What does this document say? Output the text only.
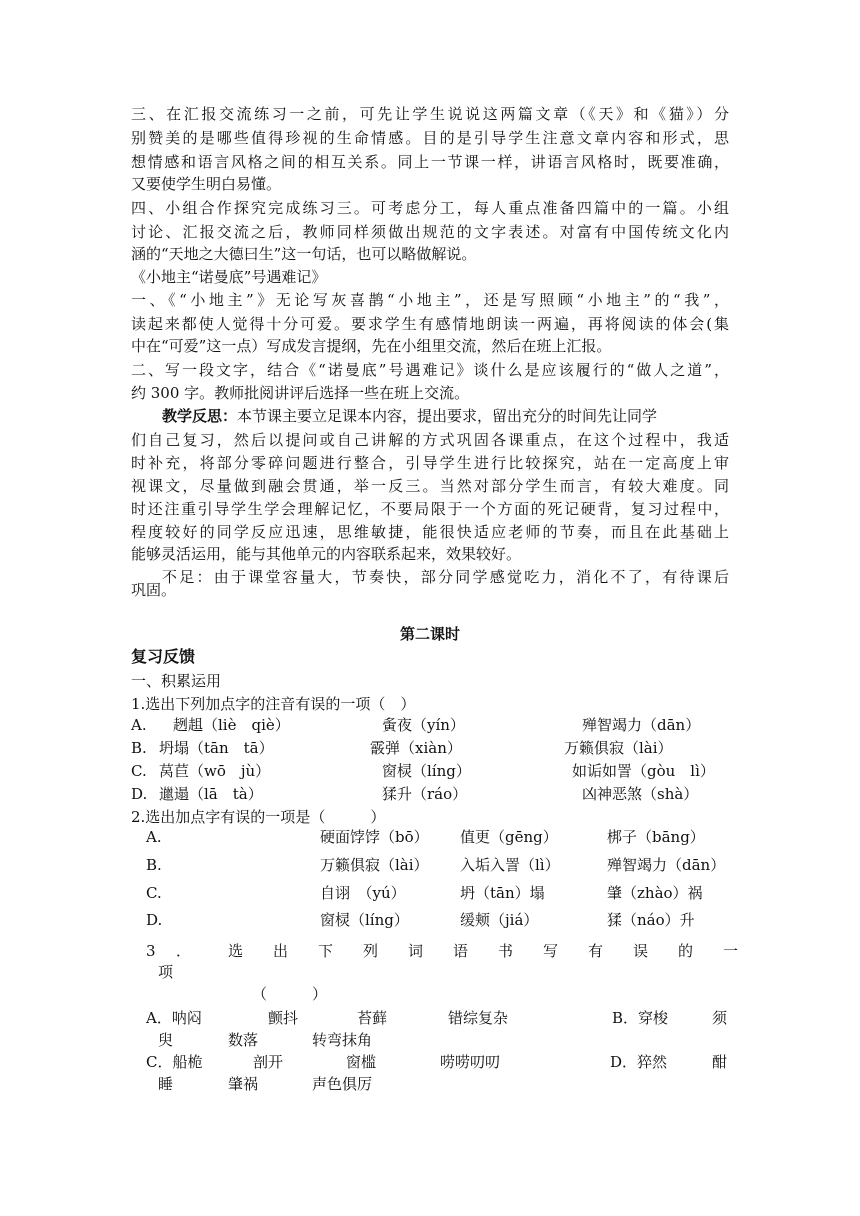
三、在汇报交流练习一之前，可先让学生说说这两篇文章（《天》和《猫》）分
别赞美的是哪些值得珍视的生命情感。目的是引导学生注意文章内容和形式，思
想情感和语言风格之间的相互关系。同上一节课一样，讲语言风格时，既要准确，
又要使学生明白易懂。
四、小组合作探究完成练习三。可考虑分工，每人重点准备四篇中的一篇。小组
讨论、汇报交流之后，教师同样须做出规范的文字表述。对富有中国传统文化内
涵的“天地之大德曰生”这一句话，也可以略做解说。
《小地主“诺曼底”号遇难记》
一、《“小地主”》无论写灰喜鹊“小地主”，还是写照顾“小地主”的“我”，
读起来都使人觉得十分可爱。要求学生有感情地朗读一两遍，再将阅读的体会(集
中在“可爱”这一点）写成发言提纲，先在小组里交流，然后在班上汇报。
二、写一段文字，结合《“诺曼底”号遇难记》谈什么是应该履行的“做人之道”，
约 300 字。教师批阅讲评后选择一些在班上交流。
教学反思：本节课主要立足课本内容，提出要求，留出充分的时间先让同学
们自己复习，然后以提问或自己讲解的方式巩固各课重点，在这个过程中，我适
时补充，将部分零碎问题进行整合，引导学生进行比较探究，站在一定高度上审
视课文，尽量做到融会贯通，举一反三。当然对部分学生而言，有较大难度。同
时还注重引导学生学会理解记忆，不要局限于一个方面的死记硬背，复习过程中，
程度较好的同学反应迅速，思维敏捷，能很快适应老师的节奏，而且在此基础上
能够灵活运用，能与其他单元的内容联系起来，效果较好。
不足：由于课堂容量大，节奏快，部分同学感觉吃力，消化不了，有待课后
巩固。
第二课时
复习反馈
一、积累运用
1.选出下列加点字的注音有误的一项（　）
A. 趔趄（liè　qiè）	夤夜（yín）	殚智竭力（dān）
B. 坍塌（tān　tā）	霰弹（xiàn）	万籁俱寂（lài）
C. 莴苣（wō　jù）	窗棂（líng）	如诟如詈（gòu　lì）
D. 邋遢（lā　tà）	猱升（ráo）	凶神恶煞（shà）
2.选出加点字有误的一项是（　　　）
A.	硬面饽饽（bō） 值更（gēng）	梆子（bāng）
B.	万籁俱寂（lài） 入垢入詈（lì）	殚智竭力（dān）
C.	自诩　（yú）	坍（tān）塌	肇（zhào）祸
D.	窗棂（líng）	缓颊（jiá）	猱（náo）升
3 ． 选 出 下 列 词 语 书 写 有 误 的 一
项
（　　　）
A．呐闷	颤抖	苔藓	错综复杂	B．穿梭	须
臾	数落	转弯抹角
C．船桅	剖开	窗槛	唠唠叨叨	D．猝然	酣
睡	肇祸	声色俱厉
